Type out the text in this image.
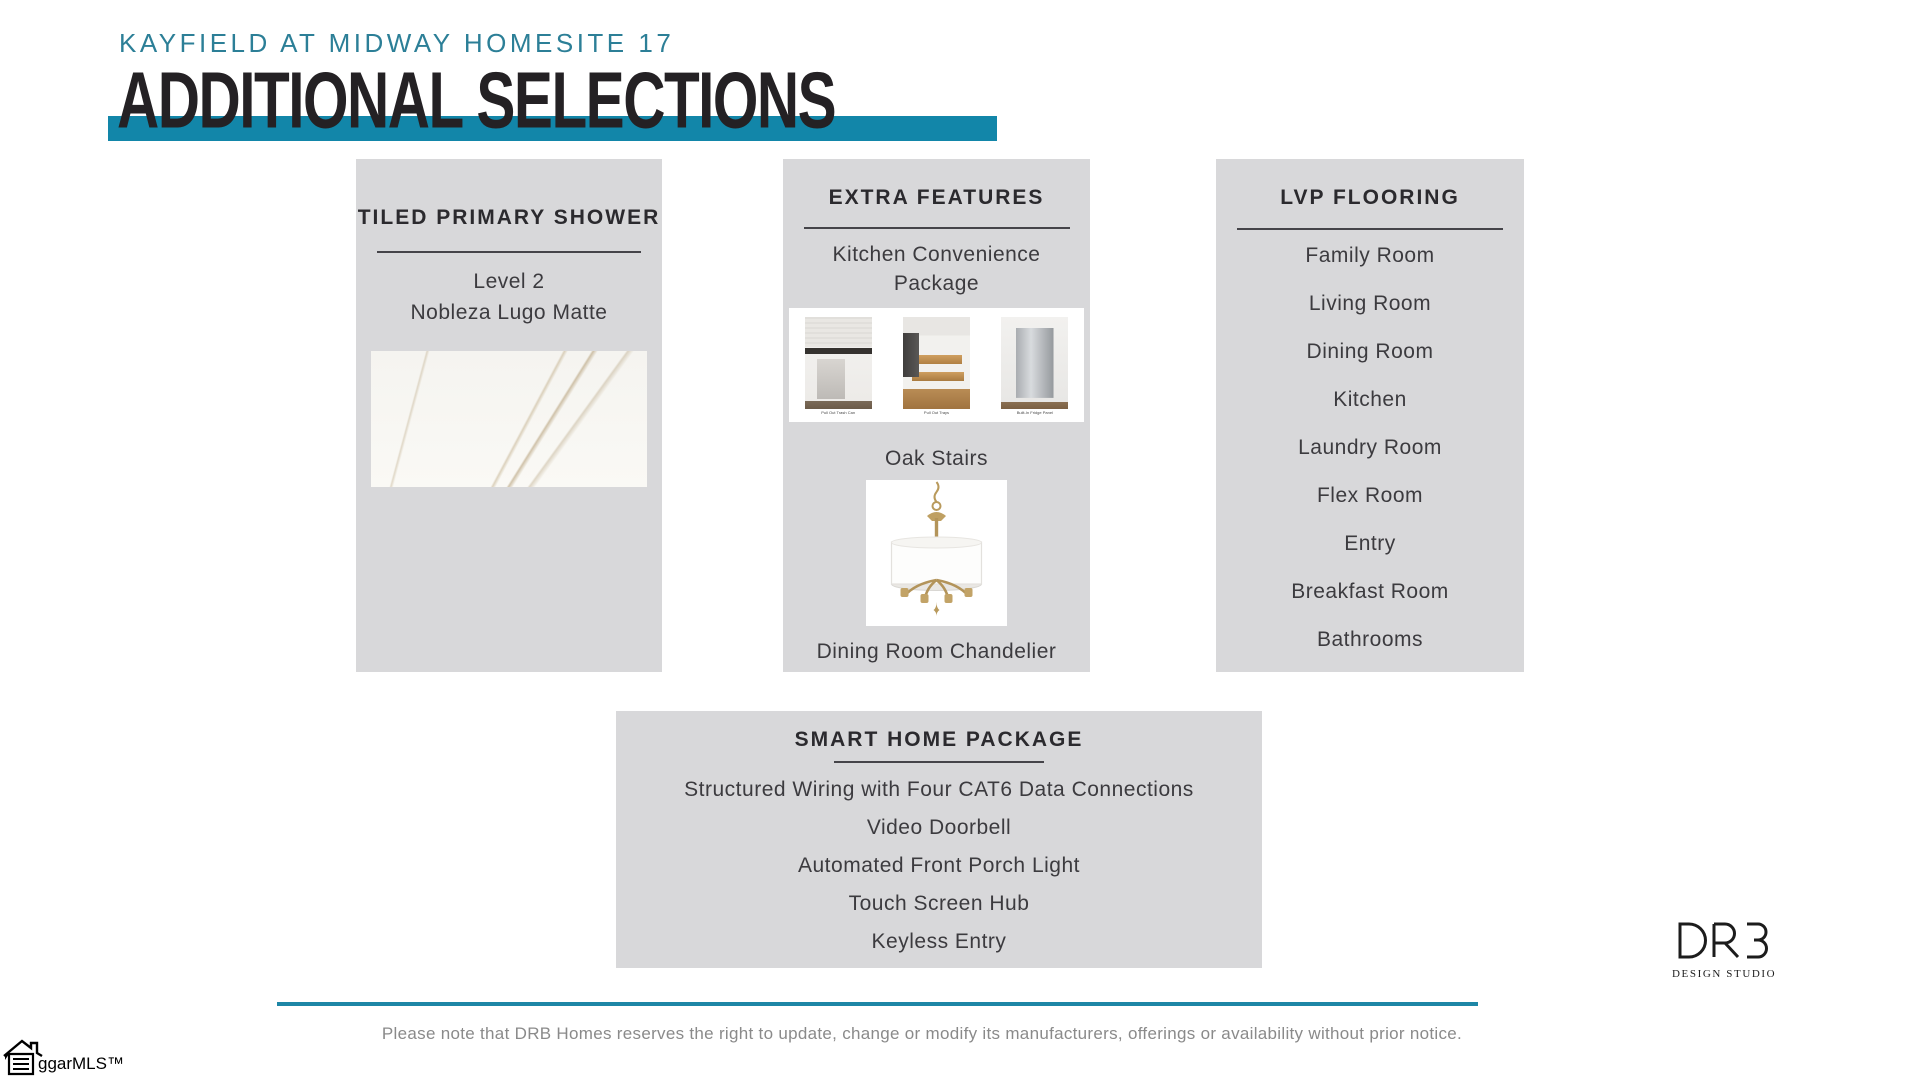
KAYFIELD AT MIDWAY HOMESITE 17
ADDITIONAL SELECTIONS
TILED PRIMARY SHOWER
Level 2
Nobleza Lugo Matte
EXTRA FEATURES
Kitchen Convenience Package
Pull Out Trash Can	Pull Out Trays	Built-In Fridge Panel
Oak Stairs
Dining Room Chandelier
LVP FLOORING
Family Room
Living Room
Dining Room
Kitchen
Laundry Room
Flex Room
Entry
Breakfast Room
Bathrooms
SMART HOME PACKAGE
Structured Wiring with Four CAT6 Data Connections
Video Doorbell
Automated Front Porch Light
Touch Screen Hub
Keyless Entry
Please note that DRB Homes reserves the right to update, change or modify its manufacturers, offerings or availability without prior notice.
DESIGN STUDIO
ggarMLS™
